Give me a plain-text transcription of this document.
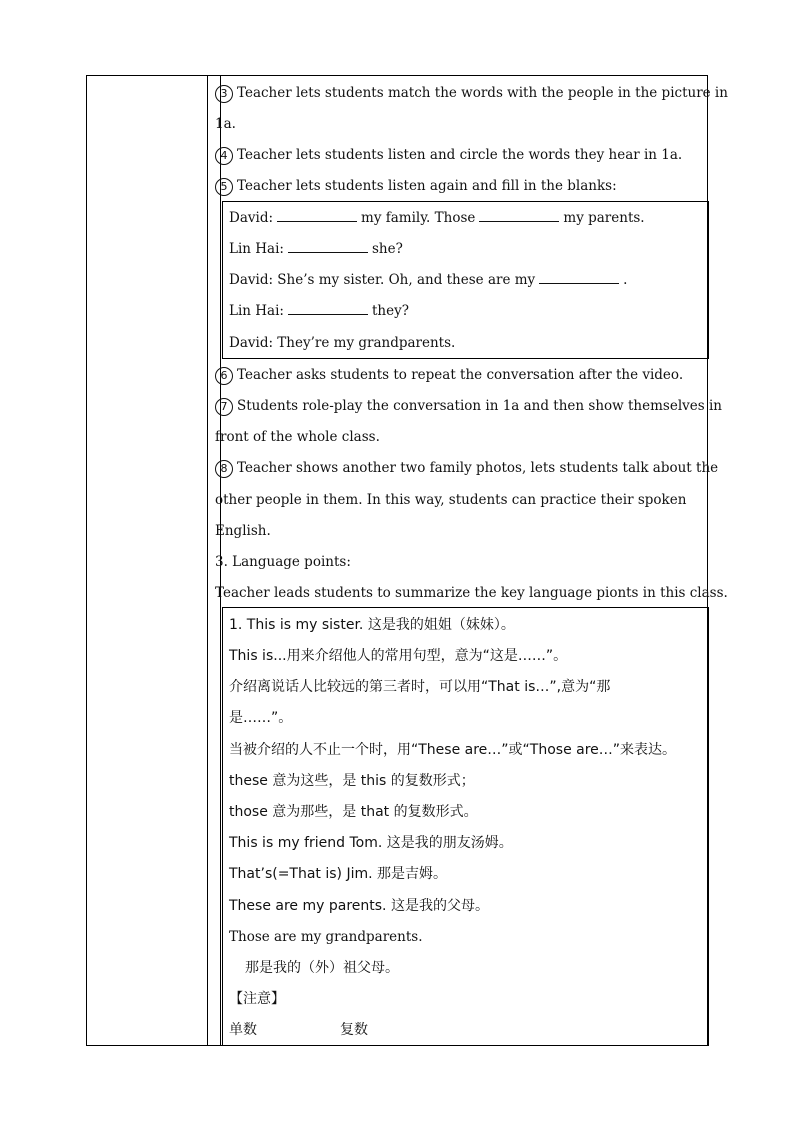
3 Teacher lets students match the words with the people in the picture in
1a.
4 Teacher lets students listen and circle the words they hear in 1a.
5 Teacher lets students listen again and fill in the blanks:
David:	my family. Those	my parents.
Lin Hai:	she?
David: She’s my sister. Oh, and these are my	.
Lin Hai:	they?
David: They’re my grandparents.
6 Teacher asks students to repeat the conversation after the video.
7 Students role-play the conversation in 1a and then show themselves in
front of the whole class.
8 Teacher shows another two family photos, lets students talk about the
other people in them. In this way, students can practice their spoken
English.
3. Language points:
Teacher leads students to summarize the key language pionts in this class.
1. This is my sister. 这是我的姐姐（妹妹）。
This is...用来介绍他人的常用句型，意为“这是……”。
介绍离说话人比较远的第三者时，可以用“That is…”,意为“那
是……”。
当被介绍的人不止一个时，用“These are…”或“Those are…”来表达。
these 意为这些，是 this 的复数形式；
those 意为那些，是 that 的复数形式。
This is my friend Tom. 这是我的朋友汤姆。
That’s(=That is) Jim. 那是吉姆。
These are my parents. 这是我的父母。
Those are my grandparents.
那是我的（外）祖父母。
【注意】
单数	复数
